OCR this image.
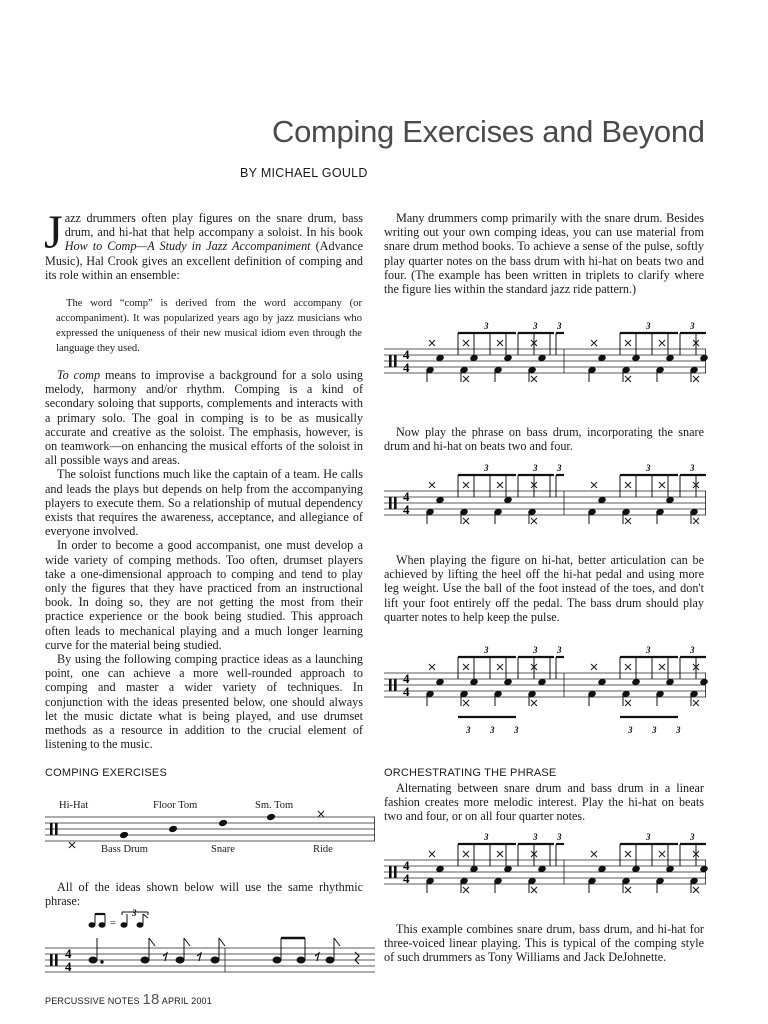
Comping Exercises and Beyond
BY MICHAEL GOULD
Jazz drummers often play figures on the snare drum, bass drum, and hi-hat that help accompany a soloist. In his book How to Comp—A Study in Jazz Accompaniment (Advance Music), Hal Crook gives an excellent definition of comping and its role within an ensemble:

The word “comp” is derived from the word accompany (or accompaniment). It was popularized years ago by jazz musicians who expressed the uniqueness of their new musical idiom even through the language they used.

To comp means to improvise a background for a solo using melody, harmony and/or rhythm. Comping is a kind of secondary soloing that supports, complements and interacts with a primary solo. The goal in comping is to be as musically accurate and creative as the soloist. The emphasis, however, is on teamwork—on enhancing the musical efforts of the soloist in all possible ways and areas.

The soloist functions much like the captain of a team. He calls and leads the plays but depends on help from the accompanying players to execute them. So a relationship of mutual dependency exists that requires the awareness, acceptance, and allegiance of everyone involved.

In order to become a good accompanist, one must develop a wide variety of comping methods. Too often, drumset players take a one-dimensional approach to comping and tend to play only the figures that they have practiced from an instructional book. In doing so, they are not getting the most from their practice experience or the book being studied. This approach often leads to mechanical playing and a much longer learning curve for the material being studied.

By using the following comping practice ideas as a launching point, one can achieve a more well-rounded approach to comping and master a wider variety of techniques. In conjunction with the ideas presented below, one should always let the music dictate what is being played, and use drumset methods as a resource in addition to the crucial element of listening to the music.

COMPING EXERCISES
Hi-Hat	Floor Tom	Sm. Tom
Bass Drum	Snare	Ride

All of the ideas shown below will use the same rhythmic phrase:

=
3
4
4

Many drummers comp primarily with the snare drum. Besides writing out your own comping ideas, you can use material from snare drum method books. To achieve a sense of the pulse, softly play quarter notes on the bass drum with hi-hat on beats two and four. (The example has been written in triplets to clarify where the figure lies within the standard jazz ride pattern.)

Now play the phrase on bass drum, incorporating the snare drum and hi-hat on beats two and four.

When playing the figure on hi-hat, better articulation can be achieved by lifting the heel off the hi-hat pedal and using more leg weight. Use the ball of the foot instead of the toes, and don't lift your foot entirely off the pedal. The bass drum should play quarter notes to help keep the pulse.

ORCHESTRATING THE PHRASE

Alternating between snare drum and bass drum in a linear fashion creates more melodic interest. Play the hi-hat on beats two and four, or on all four quarter notes.

This example combines snare drum, bass drum, and hi-hat for three-voiced linear playing. This is typical of the comping style of such drummers as Tony Williams and Jack DeJohnette.

4
4
3	3 3	3	3
4
4
3	3 3	3	3
4
4
3	3 3	3	3
3 3 3	3 3 3
4
4
3	3 3	3	3
PERCUSSIVE NOTES 18 APRIL 2001
